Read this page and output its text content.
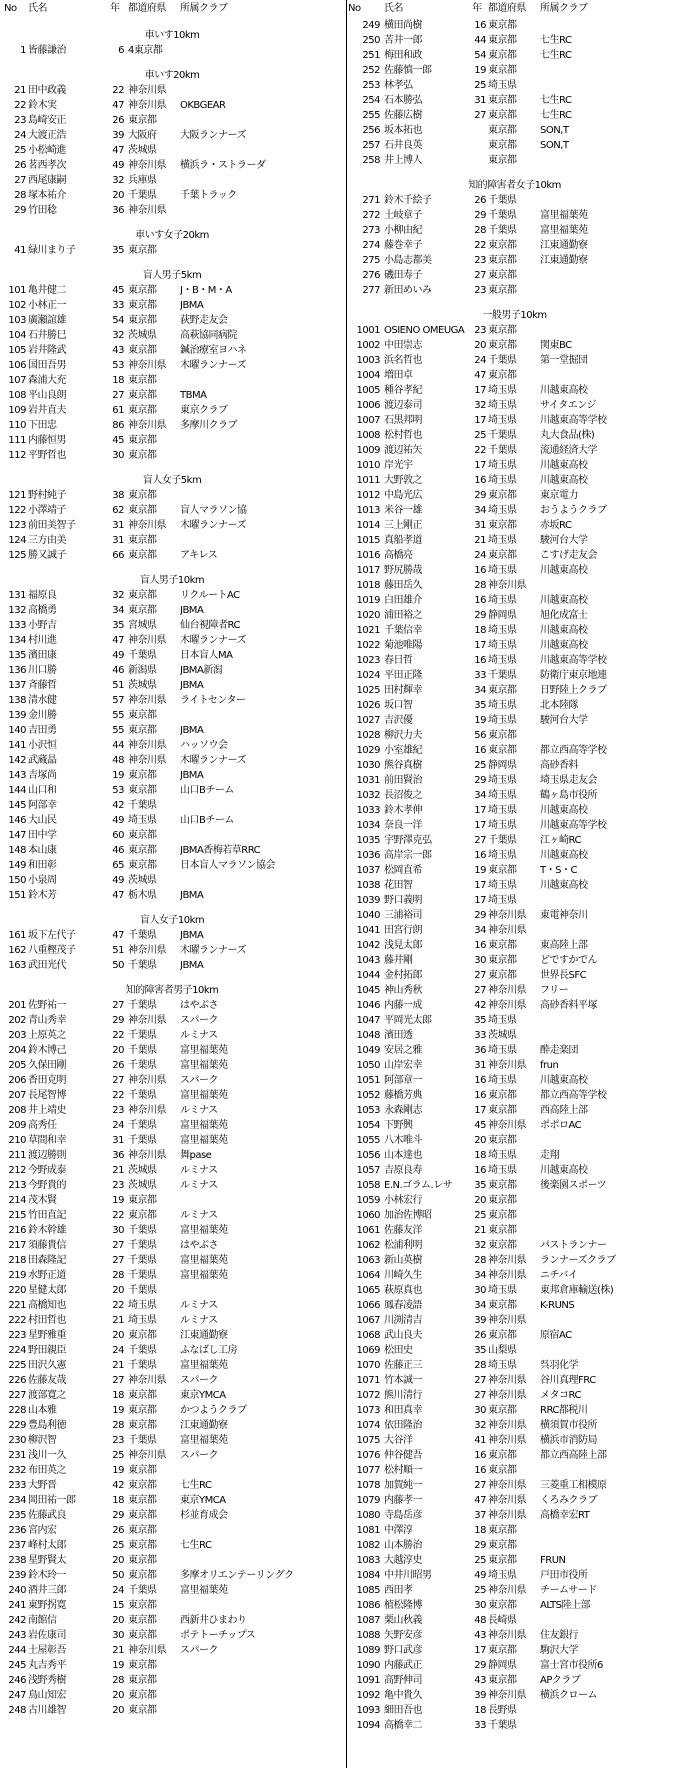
No	氏名	年 都道府県	所属クラブ
車いす10km
1 皆藤謙治	6 4東京都
車いす20km
21 田中政義	22 神奈川県
22 鈴木実	47 神奈川県	OKBGEAR
23 島崎安正	26 東京都
24 大渡正浩	39 大阪府	大阪ランナーズ
25 小松崎進	47 茨城県
26 茗西孝次	49 神奈川県	横浜ラ・ストラーダ
27 西尾康嗣	32 兵庫県
28 塚本祐介	20 千葉県	千葉トラック
29 竹田稔	36 神奈川県
車いす女子20km
41 緑川まり子	35 東京都
盲人男子5km
101 亀井健二	45 東京都	J・B・M・A
102 小林正一	33 東京都	JBMA
103 廣瀬誼雄	54 東京都	荻野走友会
104 石井勝巳	32 茨城県	高萩協同病院
105 岩井隆武	43 東京都	鍼治療室ヨハネ
106 国田吾男	53 神奈川県	木曜ランナーズ
107 森浦大充	18 東京都
108 平山良朗	27 東京都	TBMA
109 岩井直夫	61 東京都	東京クラブ
110 下田忠	86 神奈川県	多摩川クラブ
111 内藤恒男	45 東京都
112 平野哲也	30 東京都
盲人女子5km
121 野村純子	38 東京都
122 小澤靖子	62 東京都	盲人マラソン協
123 前田美智子	31 神奈川県	木曜ランナーズ
124 三方由美	31 東京都
125 勝又誠子	66 東京都	アキレス
盲人男子10km
131 福原良	32 東京都	リクルートAC
132 高橋勇	34 東京都	JBMA
133 小野吉	35 宮城県	仙台視障者RC
134 村川進	47 神奈川県	木曜ランナーズ
135 濱田康	49 千葉県	日本盲人MA
136 川口勝	46 新潟県	JBMA新潟
137 斉藤哲	51 茨城県	JBMA
138 清水健	57 神奈川県	ライトセンター
139 金川勝	55 東京都
140 吉田勇	55 東京都	JBMA
141 小沢恒	44 神奈川県	ハッソウ会
142 武蔵晶	48 神奈川県	木曜ランナーズ
143 吉塚尚	19 東京都	JBMA
144 山口和	53 東京都	山口Bチーム
145 阿部幸	42 千葉県
146 大山民	49 埼玉県	山口Bチーム
147 田中学	60 東京都
148 本山康	46 東京都	JBMA香梅若草RRC
149 和田彰	65 東京都	日本盲人マラソン協会
150 小泉周	49 茨城県
151 鈴木芳	47 栃木県	JBMA
盲人女子10km
161 坂下左代子	47 千葉県	JBMA
162 八重樫茂子	51 神奈川県	木曜ランナーズ
163 武田光代	50 千葉県	JBMA
知的障害者男子10km
201 佐野祐一	27 千葉県	はやぶさ
202 青山秀幸	29 神奈川県	スパーク
203 上原英之	22 千葉県	ルミナス
204 鈴木博己	20 千葉県	富里福葉苑
205 久保田剛	26 千葉県	富里福葉苑
206 香田克明	27 神奈川県	スパーク
207 長尾智博	22 千葉県	富里福葉苑
208 井上靖史	23 神奈川県	ルミナス
209 高秀任	24 千葉県	富里福葉苑
210 草間和幸	31 千葉県	富里福葉苑
211 渡辺勝則	36 神奈川県	舞pase
212 今野成泰	21 茨城県	ルミナス
213 今野貴的	23 茨城県	ルミナス
214 茂木賢	19 東京都
215 竹田直記	22 東京都	ルミナス
216 鈴木幹雄	30 千葉県	富里福葉苑
217 須藤貴信	27 千葉県	はやぶさ
218 田森隆記	27 千葉県	富里福葉苑
219 水野正道	28 千葉県	富里福葉苑
220 星健太郎	20 千葉県
221 高橋知也	22 埼玉県	ルミナス
222 村田哲也	21 埼玉県	ルミナス
223 星野雅重	20 東京都	江東通勤寮
224 野田親臣	24 千葉県	ふなばし工房
225 田沢久憲	21 千葉県	富里福葉苑
226 佐藤友哉	27 神奈川県	スパーク
227 渡部寛之	18 東京都	東京YMCA
228 山本雅	19 東京都	かつようクラブ
229 豊島利徳	28 東京都	江東通勤寮
230 柳沢智	23 千葉県	富里福葉苑
231 浅川一久	25 神奈川県	スパーク
232 布田英之	19 東京都
233 大野晋	42 東京都	七生RC
234 岡田祐一郎	18 東京都	東京YMCA
235 佐藤武良	29 東京都	杉並育成会
236 宮内宏	26 東京都
237 峰村太郎	25 東京都	七生RC
238 星野賢太	20 東京都
239 鈴木玲一	50 東京都	多摩オリエンテーリングク
240 酒井三郎	24 千葉県	富里福葉苑
241 東野拐寛	15 東京都
242 南館信	20 東京都	西新井ひまわり
243 岩佐康司	30 東京都	ポテトーチップス
244 土屋彰吾	21 神奈川県	スパーク
245 丸吉秀平	19 東京都
246 浅野秀樹	28 東京都
247 鳥山知宏	20 東京都
248 古川雄智	20 東京都
No	氏名	年 都道府県	所属クラブ
249 横田尚樹	16 東京都
250 苦井一郎	44 東京都	七生RC
251 梅田和政	54 東京都	七生RC
252 佐藤慎一郎	19 東京都
253 林孝弘	25 埼玉県
254 石本勝弘	31 東京都	七生RC
255 佐藤広樹	27 東京都	七生RC
256 坂本拓也	東京都	SON,T
257 石井良英	東京都	SON,T
258 井上博人	東京都
知的障害者女子10km
271 鈴木千絵子	26 千葉県
272 土岐章子	29 千葉県	富里福葉苑
273 小柳由紀	28 千葉県	富里福葉苑
274 藤巻幸子	22 東京都	江東通勤寮
275 小島志都美	23 東京都	江東通勤寮
276 磯田寿子	27 東京都
277 新田めいみ	23 東京都
一般男子10km
1001 OSIENO OMEUGA	23 東京都
1002 中田崇志	20 東京都	関東BC
1003 浜名哲也	24 千葉県	第一堂掘団
1004 増田卓	47 東京都
1005 種谷孝紀	17 埼玉県	川越東高校
1006 渡辺泰司	32 埼玉県	サイタエンジ
1007 石黒邦明	17 埼玉県	川越東高等学校
1008 松村哲也	25 千葉県	丸大食品(株)
1009 渡辺祐矢	22 千葉県	流通経済大学
1010 岸光宇	17 埼玉県	川越東高校
1011 大野敦之	16 埼玉県	川越東高校
1012 中島光広	29 東京都	東京電力
1013 米谷一雄	34 埼玉県	おうようクラブ
1014 三上剛正	31 東京都	赤坂RC
1015 真船孝道	21 埼玉県	駿河台大学
1016 高橋亮	24 東京都	こすげ走友会
1017 野尻勝哉	16 埼玉県	川越東高校
1018 藤田岳久	28 神奈川県
1019 白田雄介	16 埼玉県	川越東高校
1020 浦田裕之	29 静岡県	旭化成富士
1021 千葉信幸	18 埼玉県	川越東高校
1022 菊池唯陽	17 埼玉県	川越東高校
1023 春日哲	16 埼玉県	川越東高等学校
1024 平田正隆	33 千葉県	防衛庁東京地連
1025 田村輝幸	34 東京都	日野陸上クラブ
1026 坂口智	35 埼玉県	北本陸隊
1027 吉沢優	19 埼玉県	駿河台大学
1028 柳沢力夫	56 東京都
1029 小室雄紀	16 東京都	都立西高等学校
1030 熊谷真樹	25 静岡県	高砂香料
1031 前田賢治	29 埼玉県	埼玉県走友会
1032 長沼俊之	34 埼玉県	鶴ヶ島市役所
1033 鈴木孝伸	17 埼玉県	川越東高校
1034 奈良一洋	17 埼玉県	川越東高等学校
1035 宇野澤克弘	27 千葉県	江ヶ崎RC
1036 高岸宗一郎	16 埼玉県	川越東高校
1037 松岡直希	19 東京都	T・S・C
1038 花田智	17 埼玉県	川越東高校
1039 野口義明	17 埼玉県
1040 三浦裕司	29 神奈川県	東電神奈川
1041 田宮行朗	34 神奈川県
1042 浅見太郎	16 東京都	東高陸上部
1043 藤井剛	30 東京都	どですかでん
1044 金村拓郎	27 東京都	世界長SFC
1045 神山秀秋	27 神奈川県	フリー
1046 内藤一成	42 神奈川県	高砂香料平塚
1047 平岡光太郎	35 埼玉県
1048 濱田透	33 茨城県
1049 安居之雅	36 埼玉県	酔走楽団
1050 山岸宏幸	31 神奈川県	frun
1051 阿部章一	16 埼玉県	川越東高校
1052 藤橋芳典	16 東京都	都立西高等学校
1053 永森剛志	17 東京都	西高陸上部
1054 下野興	45 神奈川県	ポポロAC
1055 八木唯斗	20 東京都
1056 山本達也	18 埼玉県	走翔
1057 吉原良寿	16 埼玉県	川越東高校
1058 E.N.ゴラム.レサ	35 東京都	後楽園スポーツ
1059 小林宏行	20 東京都
1060 加治佐博昭	25 東京都
1061 佐藤友洋	21 東京都
1062 松浦利明	32 東京都	パストランナー
1063 新山英樹	28 神奈川県	ランナーズクラブ
1064 川崎久生	34 神奈川県	ニチバイ
1065 萩原真也	30 埼玉県	東邦倉庫輸送(株)
1066 鳳春凌語	34 東京都	K-RUNS
1067 川渕清吉	39 神奈川県
1068 武山良夫	26 東京都	原宿AC
1069 松田史	35 山梨県
1070 佐藤正三	28 埼玉県	呉羽化学
1071 竹本誠一	27 神奈川県	谷川真理FRC
1072 熊川清行	27 神奈川県	メタコRC
1073 和田真幸	30 東京都	RRC都税川
1074 依田隆治	32 神奈川県	横須賀市役所
1075 大谷洋	41 神奈川県	横浜市消防局
1076 仲谷健吾	16 東京都	都立西高陸上部
1077 松村順一	16 東京都
1078 加賀純一	27 神奈川県	三菱重工相模原
1079 内藤孝一	47 神奈川県	くろみクラブ
1080 寺島岳彦	37 神奈川県	高橋幸宏RT
1081 中澤淳	18 東京都
1082 山本勝治	29 東京都
1083 大越淳史	25 東京都	FRUN
1084 中井川昭男	49 埼玉県	戸田市役所
1085 西田孝	25 神奈川県	チームサード
1086 植松隆博	30 東京都	ALTS陸上部
1087 栗山秋義	48 長崎県
1088 矢野安彦	43 神奈川県	住友銀行
1089 野口武彦	17 東京都	駒沢大学
1090 内藤武正	29 静岡県	富士宮市役所6
1091 高野伸司	43 東京都	APクラブ
1092 亀中貴久	39 神奈川県	横浜クローム
1093 細田吾也	18 長野県
1094 高橋幸二	33 千葉県
